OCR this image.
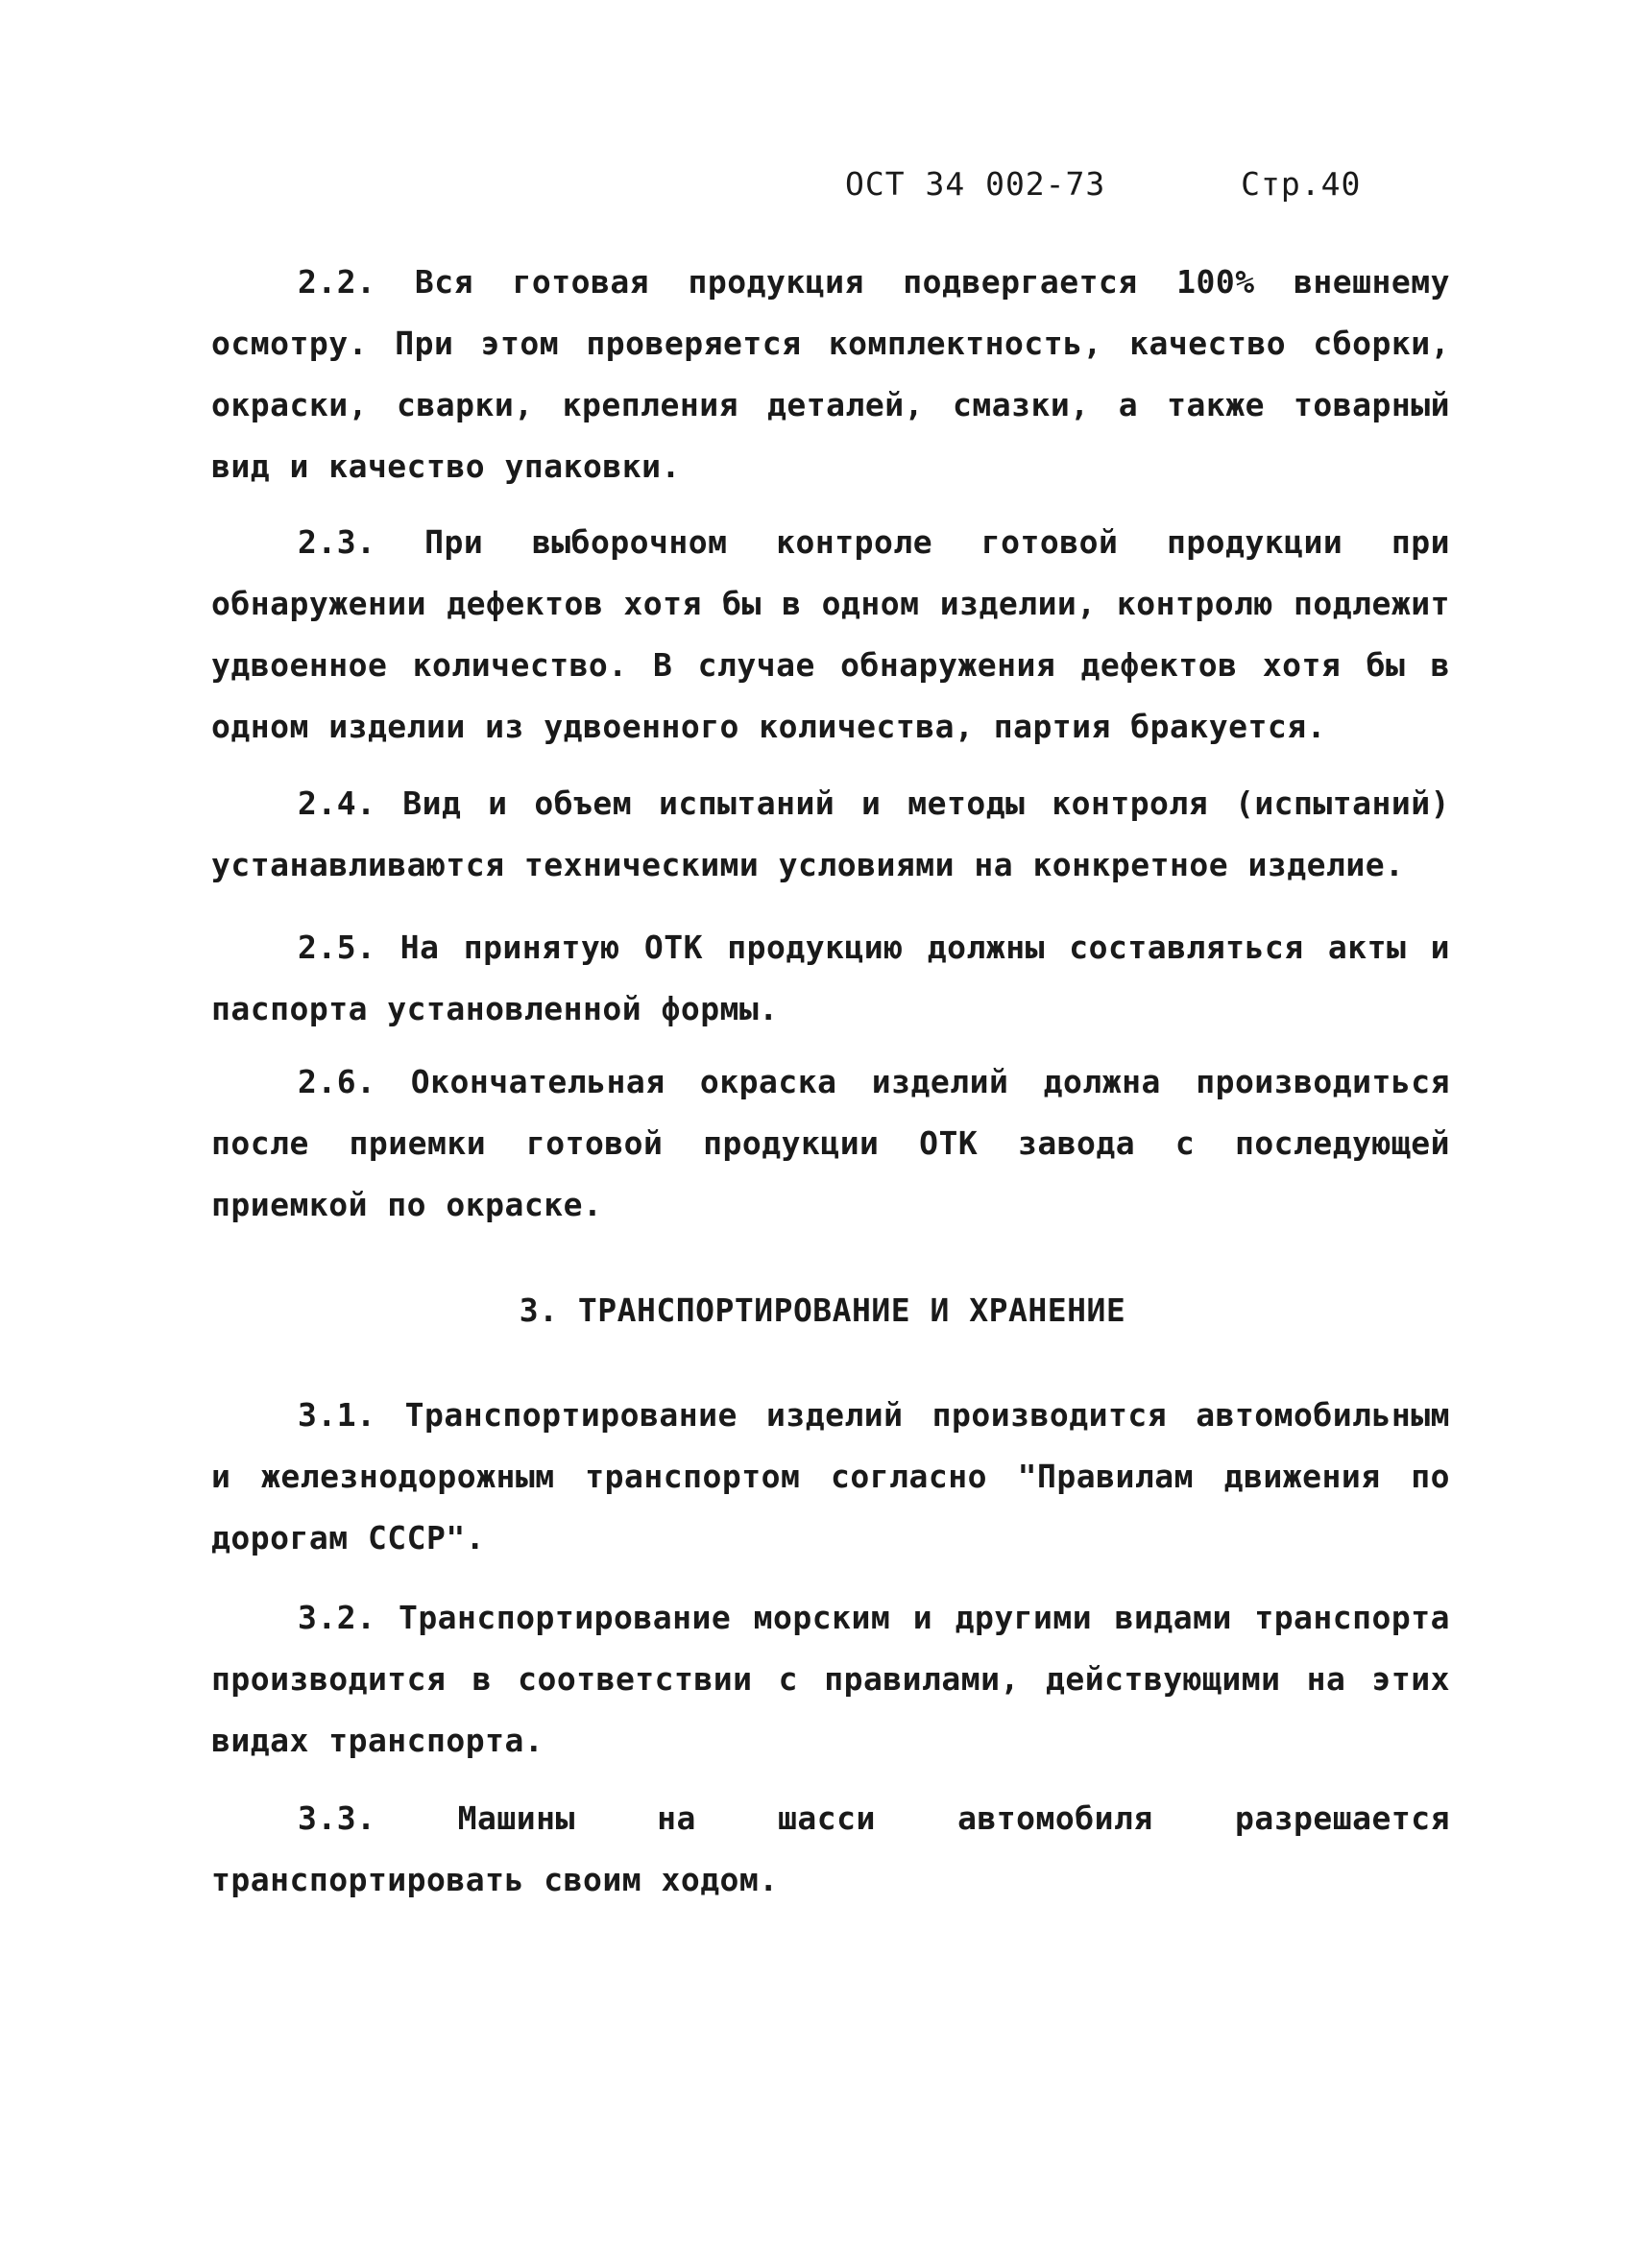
ОСТ 34 002-73	Стр.40

2.2. Вся готовая продукция подвергается 100% внешнему осмотру. При этом проверяется комплектность, качество сборки, окраски, сварки, крепления деталей, смазки, а также товарный вид и качество упаковки.

2.3. При выборочном контроле готовой продукции при обнаружении дефектов хотя бы в одном изделии, контролю подлежит удвоенное количество. В случае обнаружения дефектов хотя бы в одном изделии из удвоенного количества, партия бракуется.

2.4. Вид и объем испытаний и методы контроля (испытаний) устанавливаются техническими условиями на конкретное изделие.

2.5. На принятую ОТК продукцию должны составляться акты и паспорта установленной формы.

2.6. Окончательная окраска изделий должна производиться после приемки готовой продукции ОТК завода с последующей приемкой по окраске.

3. ТРАНСПОРТИРОВАНИЕ И ХРАНЕНИЕ

3.1. Транспортирование изделий производится автомобильным и железнодорожным транспортом согласно "Правилам движения по дорогам СССР".

3.2. Транспортирование морским и другими видами транспорта производится в соответствии с правилами, действующими на этих видах транспорта.

3.3. Машины на шасси автомобиля разрешается транспортировать своим ходом.
